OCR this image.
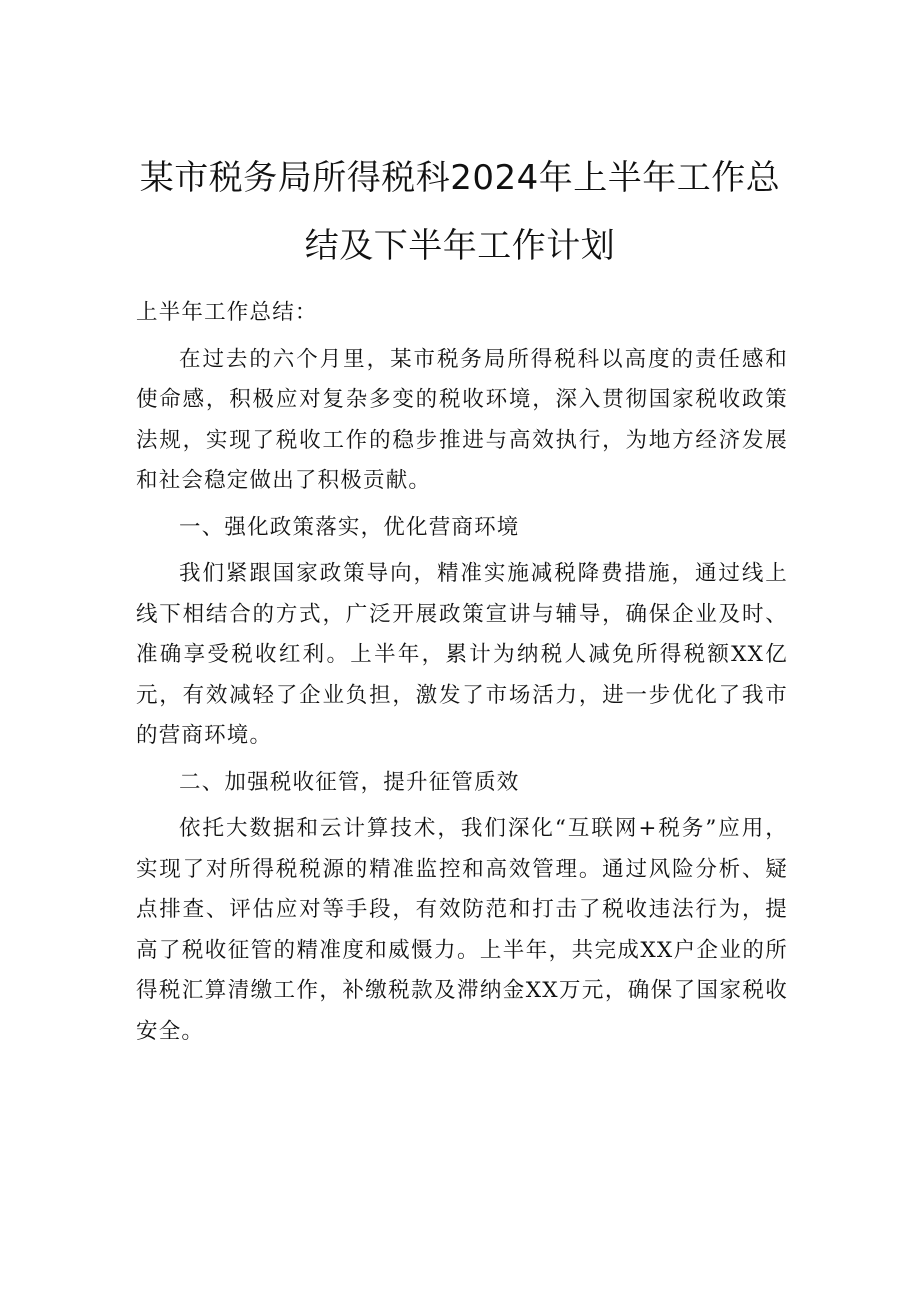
某市税务局所得税科2024年上半年工作总
结及下半年工作计划

上半年工作总结：

在过去的六个月里，某市税务局所得税科以高度的责任感和使命感，积极应对复杂多变的税收环境，深入贯彻国家税收政策法规，实现了税收工作的稳步推进与高效执行，为地方经济发展和社会稳定做出了积极贡献。

一、强化政策落实，优化营商环境

我们紧跟国家政策导向，精准实施减税降费措施，通过线上线下相结合的方式，广泛开展政策宣讲与辅导，确保企业及时、准确享受税收红利。上半年，累计为纳税人减免所得税额XX亿元，有效减轻了企业负担，激发了市场活力，进一步优化了我市的营商环境。

二、加强税收征管，提升征管质效

依托大数据和云计算技术，我们深化“互联网+税务”应用，实现了对所得税税源的精准监控和高效管理。通过风险分析、疑点排查、评估应对等手段，有效防范和打击了税收违法行为，提高了税收征管的精准度和威慑力。上半年，共完成XX户企业的所得税汇算清缴工作，补缴税款及滞纳金XX万元，确保了国家税收安全。
